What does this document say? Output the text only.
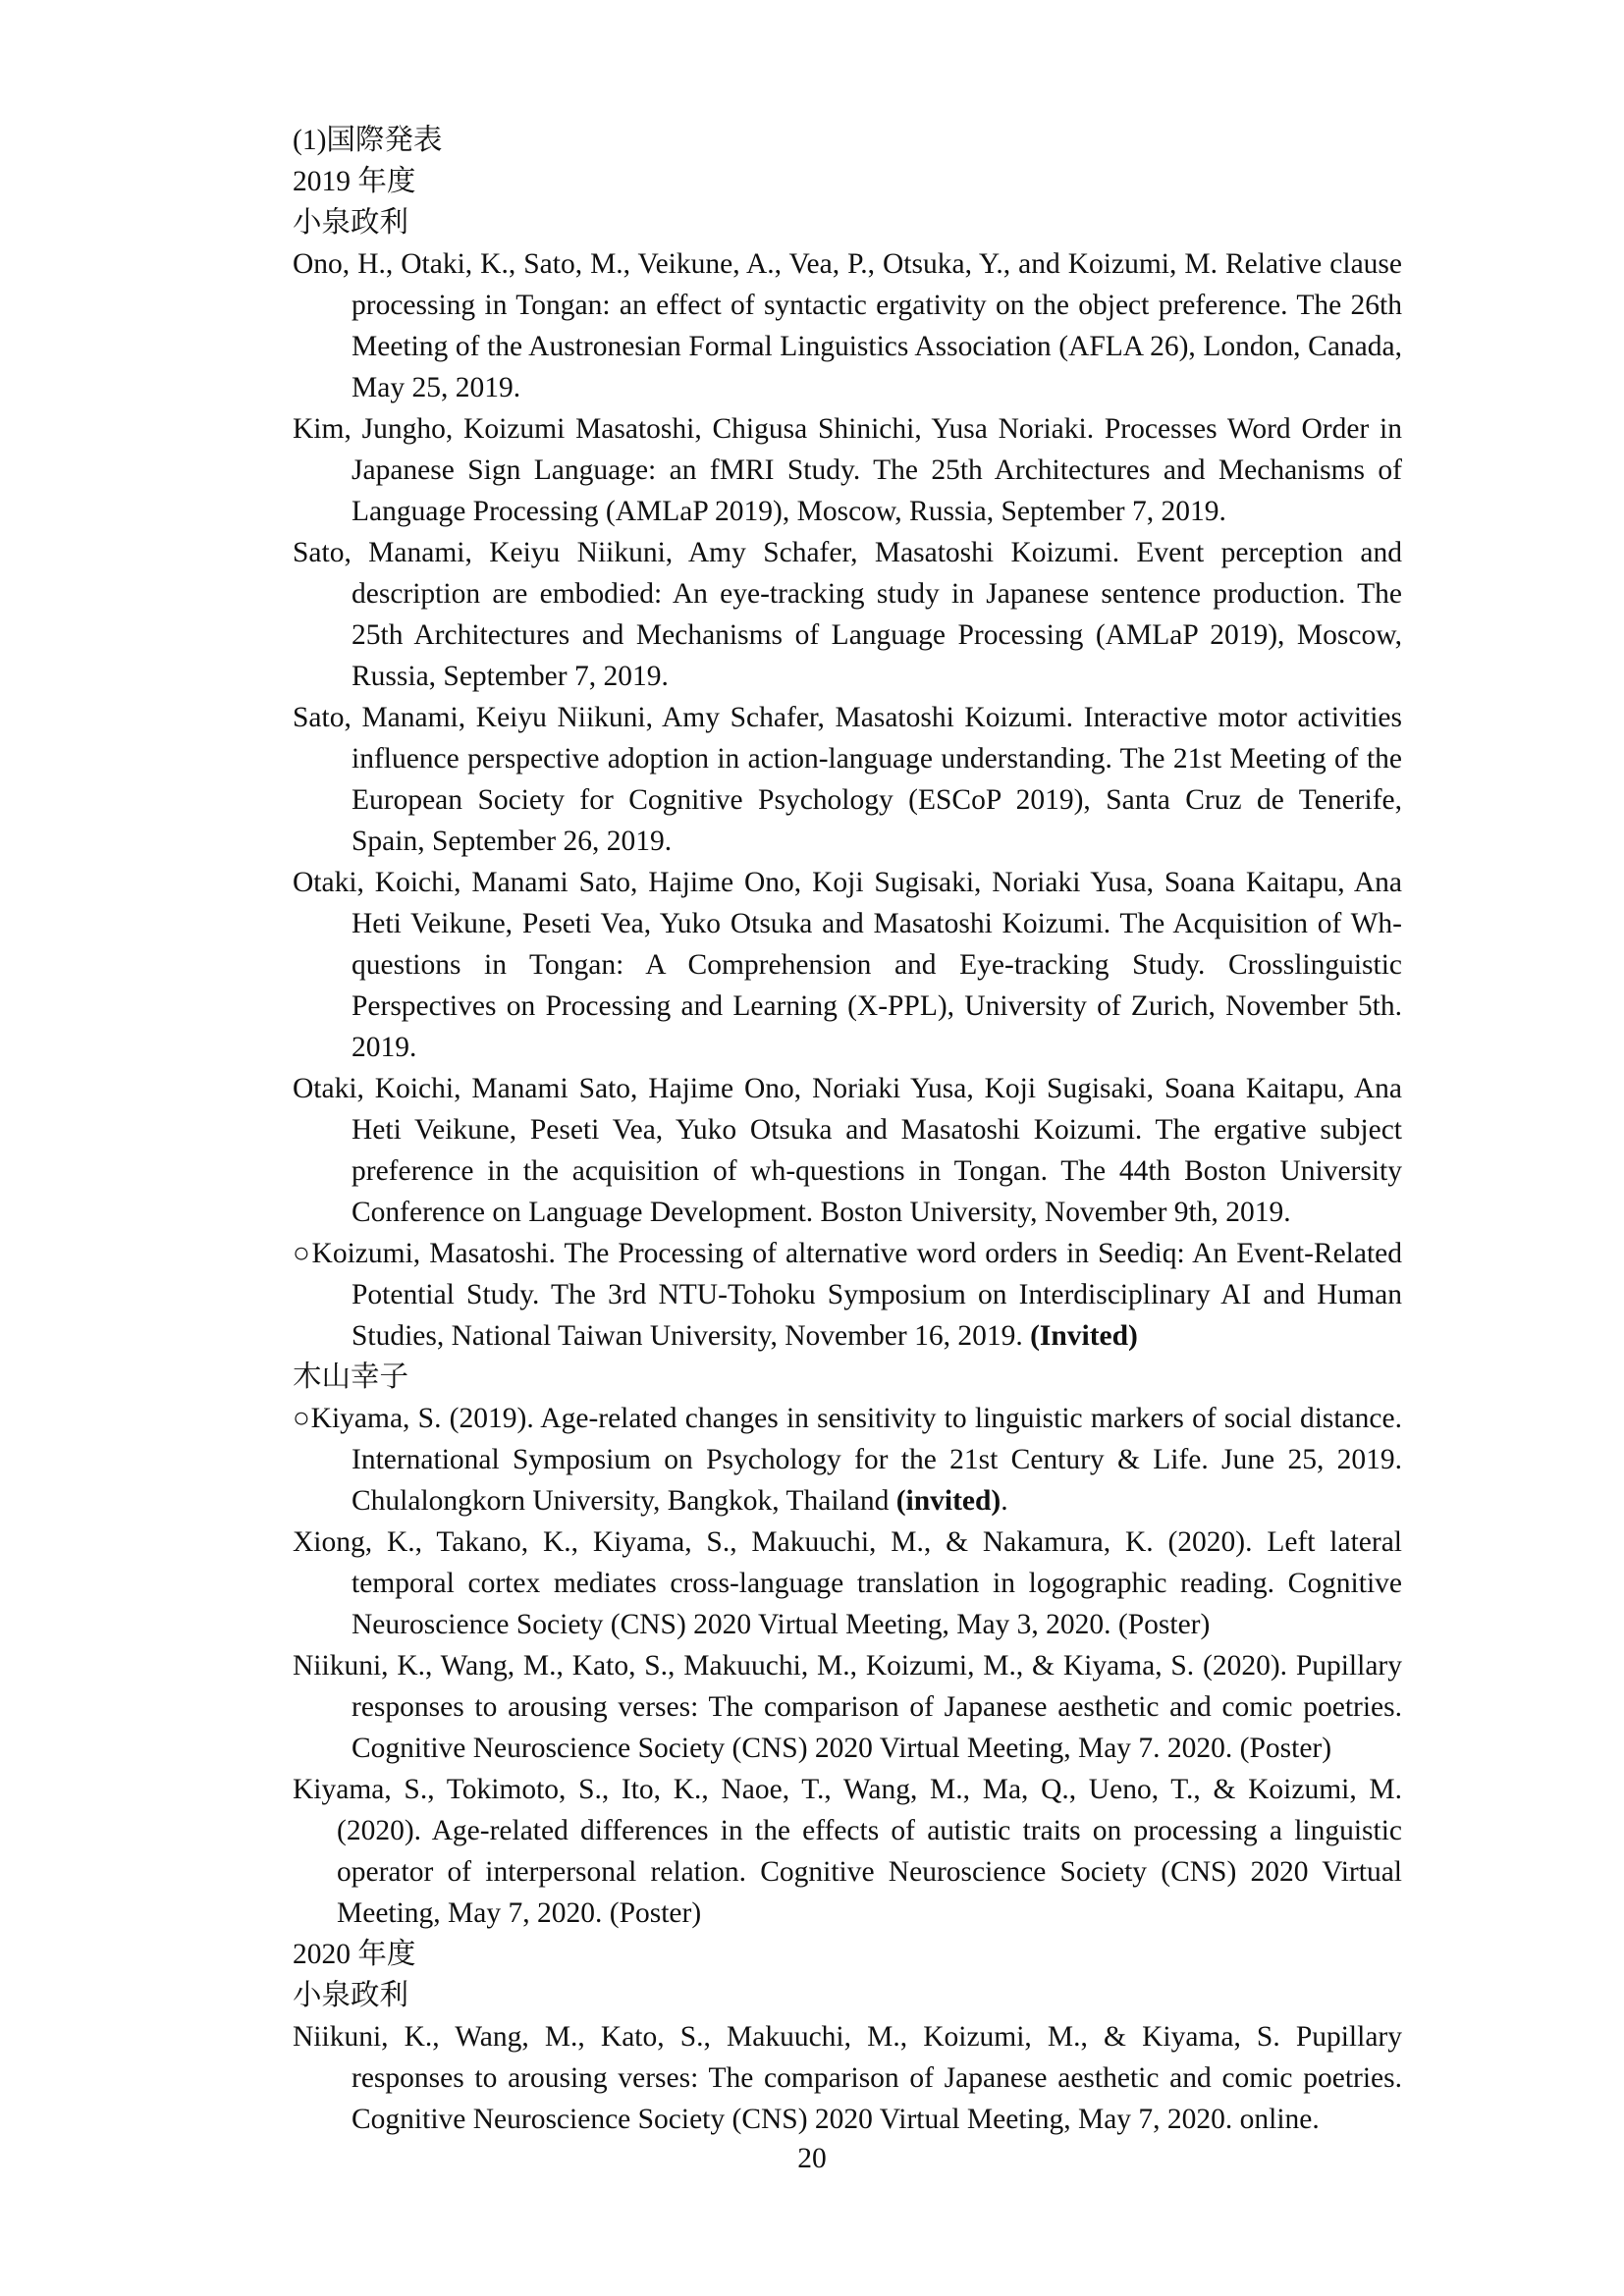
(1)国際発表

2019 年度

小泉政利

Ono, H., Otaki, K., Sato, M., Veikune, A., Vea, P., Otsuka, Y., and Koizumi, M. Relative clause processing in Tongan: an effect of syntactic ergativity on the object preference. The 26th Meeting of the Austronesian Formal Linguistics Association (AFLA 26), London, Canada, May 25, 2019.

Kim, Jungho, Koizumi Masatoshi, Chigusa Shinichi, Yusa Noriaki. Processes Word Order in Japanese Sign Language: an fMRI Study. The 25th Architectures and Mechanisms of Language Processing (AMLaP 2019), Moscow, Russia, September 7, 2019.

Sato, Manami, Keiyu Niikuni, Amy Schafer, Masatoshi Koizumi. Event perception and description are embodied: An eye-tracking study in Japanese sentence production. The 25th Architectures and Mechanisms of Language Processing (AMLaP 2019), Moscow, Russia, September 7, 2019.

Sato, Manami, Keiyu Niikuni, Amy Schafer, Masatoshi Koizumi. Interactive motor activities influence perspective adoption in action-language understanding. The 21st Meeting of the European Society for Cognitive Psychology (ESCoP 2019), Santa Cruz de Tenerife, Spain, September 26, 2019.

Otaki, Koichi, Manami Sato, Hajime Ono, Koji Sugisaki, Noriaki Yusa, Soana Kaitapu, Ana Heti Veikune, Peseti Vea, Yuko Otsuka and Masatoshi Koizumi. The Acquisition of Wh-questions in Tongan: A Comprehension and Eye-tracking Study. Crosslinguistic Perspectives on Processing and Learning (X-PPL), University of Zurich, November 5th. 2019.

Otaki, Koichi, Manami Sato, Hajime Ono, Noriaki Yusa, Koji Sugisaki, Soana Kaitapu, Ana Heti Veikune, Peseti Vea, Yuko Otsuka and Masatoshi Koizumi. The ergative subject preference in the acquisition of wh-questions in Tongan. The 44th Boston University Conference on Language Development. Boston University, November 9th, 2019.

○Koizumi, Masatoshi. The Processing of alternative word orders in Seediq: An Event-Related Potential Study. The 3rd NTU-Tohoku Symposium on Interdisciplinary AI and Human Studies, National Taiwan University, November 16, 2019. (Invited)

木山幸子

○Kiyama, S. (2019). Age-related changes in sensitivity to linguistic markers of social distance. International Symposium on Psychology for the 21st Century & Life. June 25, 2019. Chulalongkorn University, Bangkok, Thailand (invited).

Xiong, K., Takano, K., Kiyama, S., Makuuchi, M., & Nakamura, K. (2020). Left lateral temporal cortex mediates cross-language translation in logographic reading. Cognitive Neuroscience Society (CNS) 2020 Virtual Meeting, May 3, 2020. (Poster)

Niikuni, K., Wang, M., Kato, S., Makuuchi, M., Koizumi, M., & Kiyama, S. (2020). Pupillary responses to arousing verses: The comparison of Japanese aesthetic and comic poetries. Cognitive Neuroscience Society (CNS) 2020 Virtual Meeting, May 7. 2020. (Poster)

Kiyama, S., Tokimoto, S., Ito, K., Naoe, T., Wang, M., Ma, Q., Ueno, T., & Koizumi, M. (2020). Age-related differences in the effects of autistic traits on processing a linguistic operator of interpersonal relation. Cognitive Neuroscience Society (CNS) 2020 Virtual Meeting, May 7, 2020. (Poster)

2020 年度

小泉政利

Niikuni, K., Wang, M., Kato, S., Makuuchi, M., Koizumi, M., & Kiyama, S. Pupillary responses to arousing verses: The comparison of Japanese aesthetic and comic poetries. Cognitive Neuroscience Society (CNS) 2020 Virtual Meeting, May 7, 2020. online.

20
